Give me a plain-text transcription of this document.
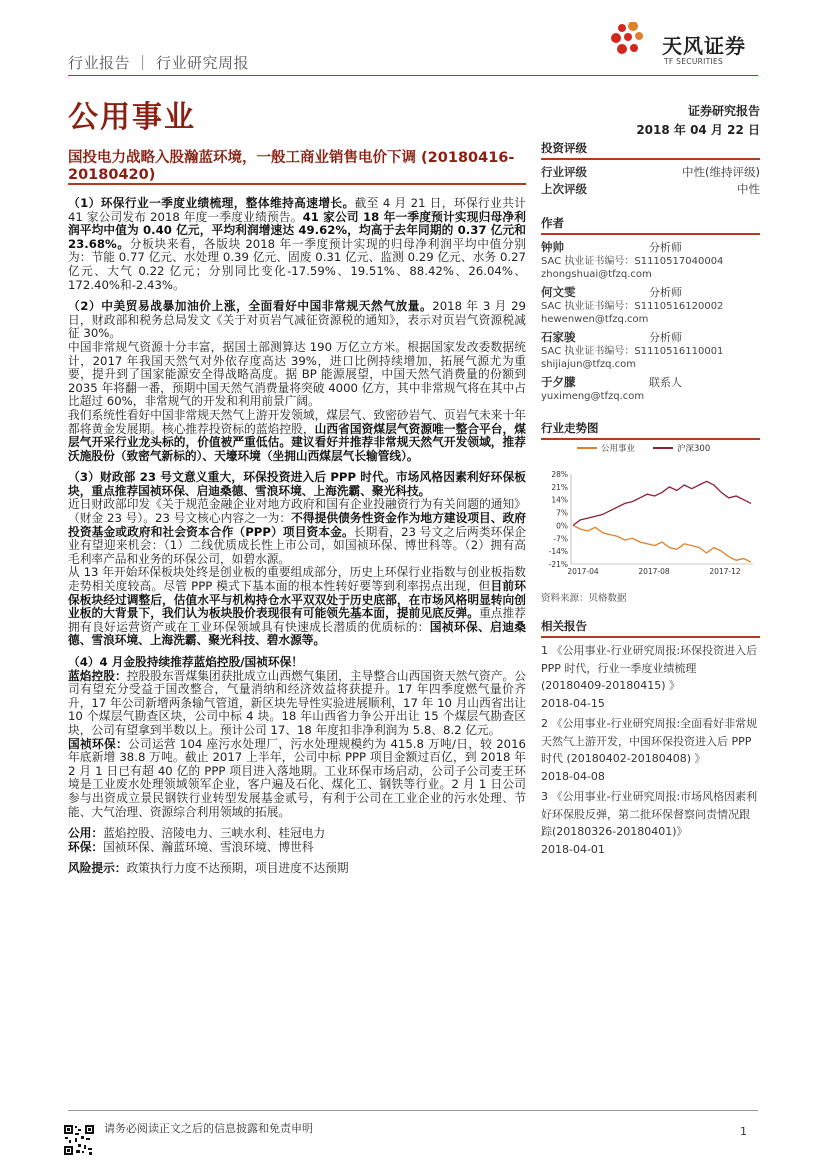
行业报告 ｜ 行业研究周报
天风证券
TF SECURITIES
公用事业	证券研究报告
2018 年 04 月 22 日
国投电力战略入股瀚蓝环境，一般工商业销售电价下调 (20180416-20180420)

（1）环保行业一季度业绩梳理，整体维持高速增长。截至 4 月 21 日，环保行业共计 41 家公司发布 2018 年度一季度业绩预告。41 家公司 18 年一季度预计实现归母净利润平均中值为 0.40 亿元，平均利润增速达 49.62%，均高于去年同期的 0.37 亿元和 23.68%。分板块来看，各版块 2018 年一季度预计实现的归母净利润平均中值分别为：节能 0.77 亿元、水处理 0.39 亿元、固废 0.31 亿元、监测 0.29 亿元、水务 0.27 亿元、大气 0.22 亿元；分别同比变化-17.59%、19.51%、88.42%、26.04%、172.40%和-2.43%。

（2）中美贸易战暴加油价上涨，全面看好中国非常规天然气放量。2018 年 3 月 29 日，财政部和税务总局发文《关于对页岩气减征资源税的通知》，表示对页岩气资源税减征 30%。

中国非常规气资源十分丰富，据国土部测算达 190 万亿立方米。根据国家发改委数据统计，2017 年我国天然气对外依存度高达 39%，进口比例持续增加，拓展气源尤为重要，提升到了国家能源安全得战略高度。据 BP 能源展望，中国天然气消费量的份额到 2035 年将翻一番，预期中国天然气消费量将突破 4000 亿方，其中非常规气将在其中占比超过 60%，非常规气的开发和利用前景广阔。

我们系统性看好中国非常规天然气上游开发领域，煤层气、致密砂岩气、页岩气未来十年都将黄金发展期。核心推荐投资标的蓝焰控股，山西省国资煤层气资源唯一整合平台，煤层气开采行业龙头标的，价值被严重低估。建议看好并推荐非常规天然气开发领域，推荐沃施股份（致密气新标的）、天壕环境（坐拥山西煤层气长输管线）。

（3）财政部 23 号文意义重大，环保投资进入后 PPP 时代。市场风格因素利好环保板块，重点推荐国祯环保、启迪桑德、雪浪环境、上海洗霸、聚光科技。

近日财政部印发《关于规范金融企业对地方政府和国有企业投融资行为有关问题的通知》（财金 23 号）。23 号文核心内容之一为：不得提供债务性资金作为地方建设项目、政府投资基金或政府和社会资本合作（PPP）项目资本金。长期看，23 号文之后两类环保企业有望迎来机会：（1）二线优质成长性上市公司，如国祯环保、博世科等。（2）拥有高毛利率产品和业务的环保公司，如碧水源。

从 13 年开始环保板块处终是创业板的重要组成部分，历史上环保行业指数与创业板指数走势相关度较高。尽管 PPP 模式下基本面的根本性转好要等到利率拐点出现，但目前环保板块经过调整后，估值水平与机构持仓水平双双处于历史底部，在市场风格明显转向创业板的大背景下，我们认为板块股价表现很有可能领先基本面，提前见底反弹。重点推荐拥有良好运营资产或在工业环保领域具有快速成长潜质的优质标的：国祯环保、启迪桑德、雪浪环境、上海洗霸、聚光科技、碧水源等。

（4）4 月金股持续推荐蓝焰控股/国祯环保！

蓝焰控股：控股股东晋煤集团获批成立山西燃气集团，主导整合山西国资天然气资产。公司有望充分受益于国改整合，气量消纳和经济效益将获提升。17 年四季度燃气量价齐升，17 年公司新增两条输气管道，新区块先导性实验进展顺利，17 年 10 月山西省出让 10 个煤层气勘查区块，公司中标 4 块。18 年山西省力争公开出让 15 个煤层气勘查区块，公司有望拿到半数以上。预计公司 17、18 年度扣非净利润为 5.8、8.2 亿元。

国祯环保：公司运营 104 座污水处理厂，污水处理规模约为 415.8 万吨/日，较 2016 年底新增 38.8 万吨。截止 2017 上半年，公司中标 PPP 项目金额过百亿，到 2018 年 2 月 1 日已有超 40 亿的 PPP 项目进入落地期。工业环保市场启动，公司子公司麦王环境是工业废水处理领域领军企业，客户遍及石化、煤化工、钢铁等行业。2 月 1 日公司参与出资成立景民钢铁行业转型发展基金贰号，有利于公司在工业企业的污水处理、节能、大气治理、资源综合利用领域的拓展。

公用：蓝焰控股、涪陵电力、三峡水利、桂冠电力

环保：国祯环保、瀚蓝环境、雪浪环境、博世科

风险提示：政策执行力度不达预期，项目进度不达预期

投资评级
行业评级	中性(维持评级)
上次评级	中性
作者
钟帅	分析师
SAC 执业证书编号：S1110517040004
zhongshuai@tfzq.com
何文雯	分析师
SAC 执业证书编号：S1110516120002
hewenwen@tfzq.com
石家骏	分析师
SAC 执业证书编号：S1110516110001
shijiajun@tfzq.com
于夕朦	联系人
yuximeng@tfzq.com
行业走势图
公用事业	沪深300
28%
21%
14%
7%
0%
-7%
-14%
-21%
2017-04	2017-08	2017-12
资料来源：贝格数据
相关报告
1 《公用事业-行业研究周报:环保投资进入后 PPP 时代，行业一季度业绩梳理(20180409-20180415) 》
2018-04-15
2 《公用事业-行业研究周报:全面看好非常规天然气上游开发，中国环保投资进入后 PPP 时代 (20180402-20180408) 》
2018-04-08
3 《公用事业-行业研究周报:市场风格因素利好环保股反弹，第二批环保督察问责情况跟踪(20180326-20180401)》
2018-04-01
请务必阅读正文之后的信息披露和免责申明	1
